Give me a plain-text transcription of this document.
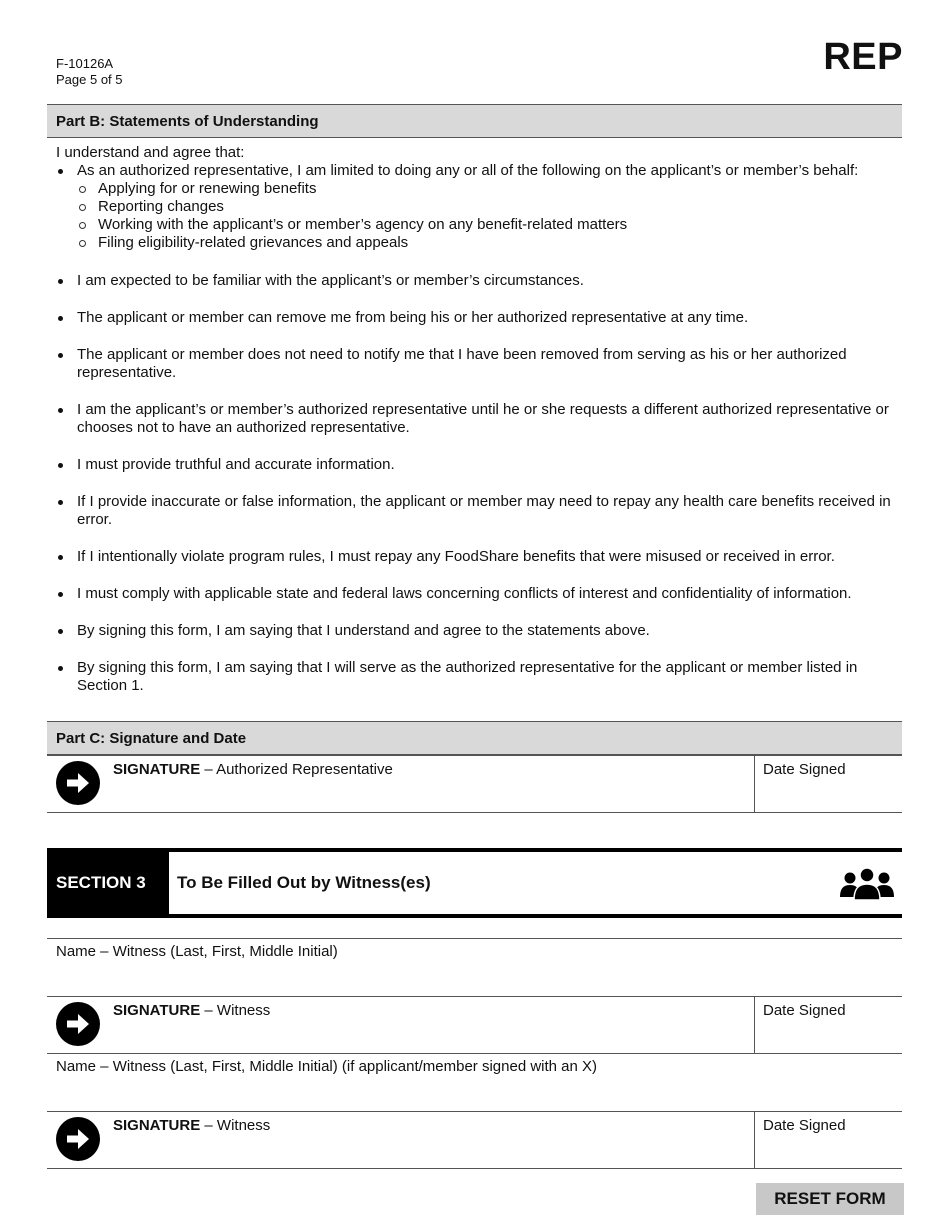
F-10126A
Page 5 of 5
REP
Part B: Statements of Understanding

I understand and agree that:

As an authorized representative, I am limited to doing any or all of the following on the applicant’s or member’s behalf:
Applying for or renewing benefits
Reporting changes
Working with the applicant’s or member’s agency on any benefit-related matters
Filing eligibility-related grievances and appeals
I am expected to be familiar with the applicant’s or member’s circumstances.
The applicant or member can remove me from being his or her authorized representative at any time.
The applicant or member does not need to notify me that I have been removed from serving as his or her authorized representative.
I am the applicant’s or member’s authorized representative until he or she requests a different authorized representative or chooses not to have an authorized representative.
I must provide truthful and accurate information.
If I provide inaccurate or false information, the applicant or member may need to repay any health care benefits received in error.
If I intentionally violate program rules, I must repay any FoodShare benefits that were misused or received in error.
I must comply with applicable state and federal laws concerning conflicts of interest and confidentiality of information.
By signing this form, I am saying that I understand and agree to the statements above.
By signing this form, I am saying that I will serve as the authorized representative for the applicant or member listed in Section 1.
Part C: Signature and Date
SIGNATURE – Authorized Representative	Date Signed
SECTION 3	To Be Filled Out by Witness(es)
Name – Witness (Last, First, Middle Initial)
SIGNATURE – Witness	Date Signed
Name – Witness (Last, First, Middle Initial) (if applicant/member signed with an X)
SIGNATURE – Witness	Date Signed
RESET FORM
